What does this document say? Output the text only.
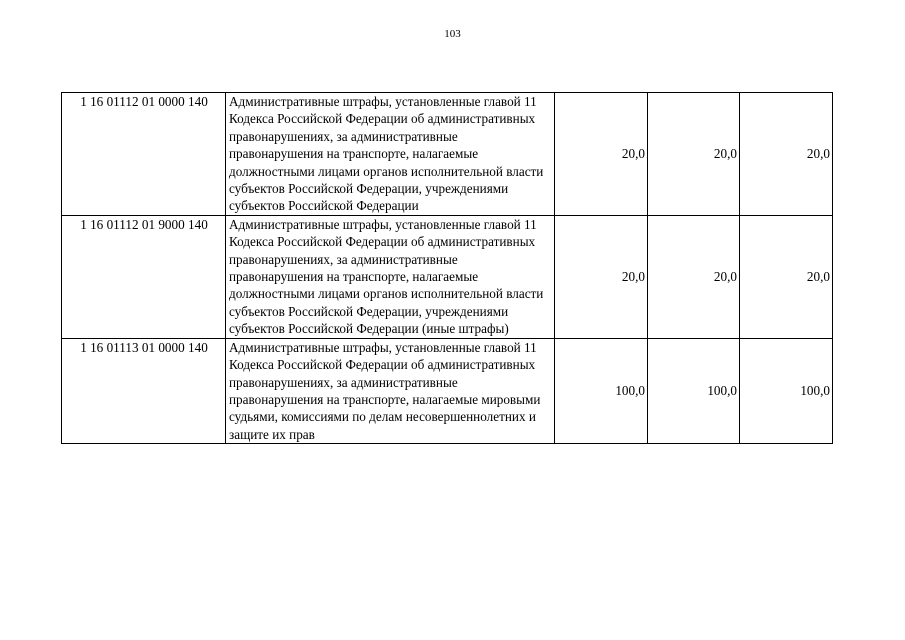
103
1 16 01112 01 0000 140	Административные штрафы, установленные главой 11 Кодекса Российской Федерации об административных правонарушениях, за административные правонарушения на транспорте, налагаемые должностными лицами органов исполнительной власти субъектов Российской Федерации, учреждениями субъектов Российской Федерации	20,0	20,0	20,0
1 16 01112 01 9000 140	Административные штрафы, установленные главой 11 Кодекса Российской Федерации об административных правонарушениях, за административные правонарушения на транспорте, налагаемые должностными лицами органов исполнительной власти субъектов Российской Федерации, учреждениями субъектов Российской Федерации (иные штрафы)	20,0	20,0	20,0
1 16 01113 01 0000 140	Административные штрафы, установленные главой 11 Кодекса Российской Федерации об административных правонарушениях, за административные правонарушения на транспорте, налагаемые мировыми судьями, комиссиями по делам несовершеннолетних и защите их прав	100,0	100,0	100,0
